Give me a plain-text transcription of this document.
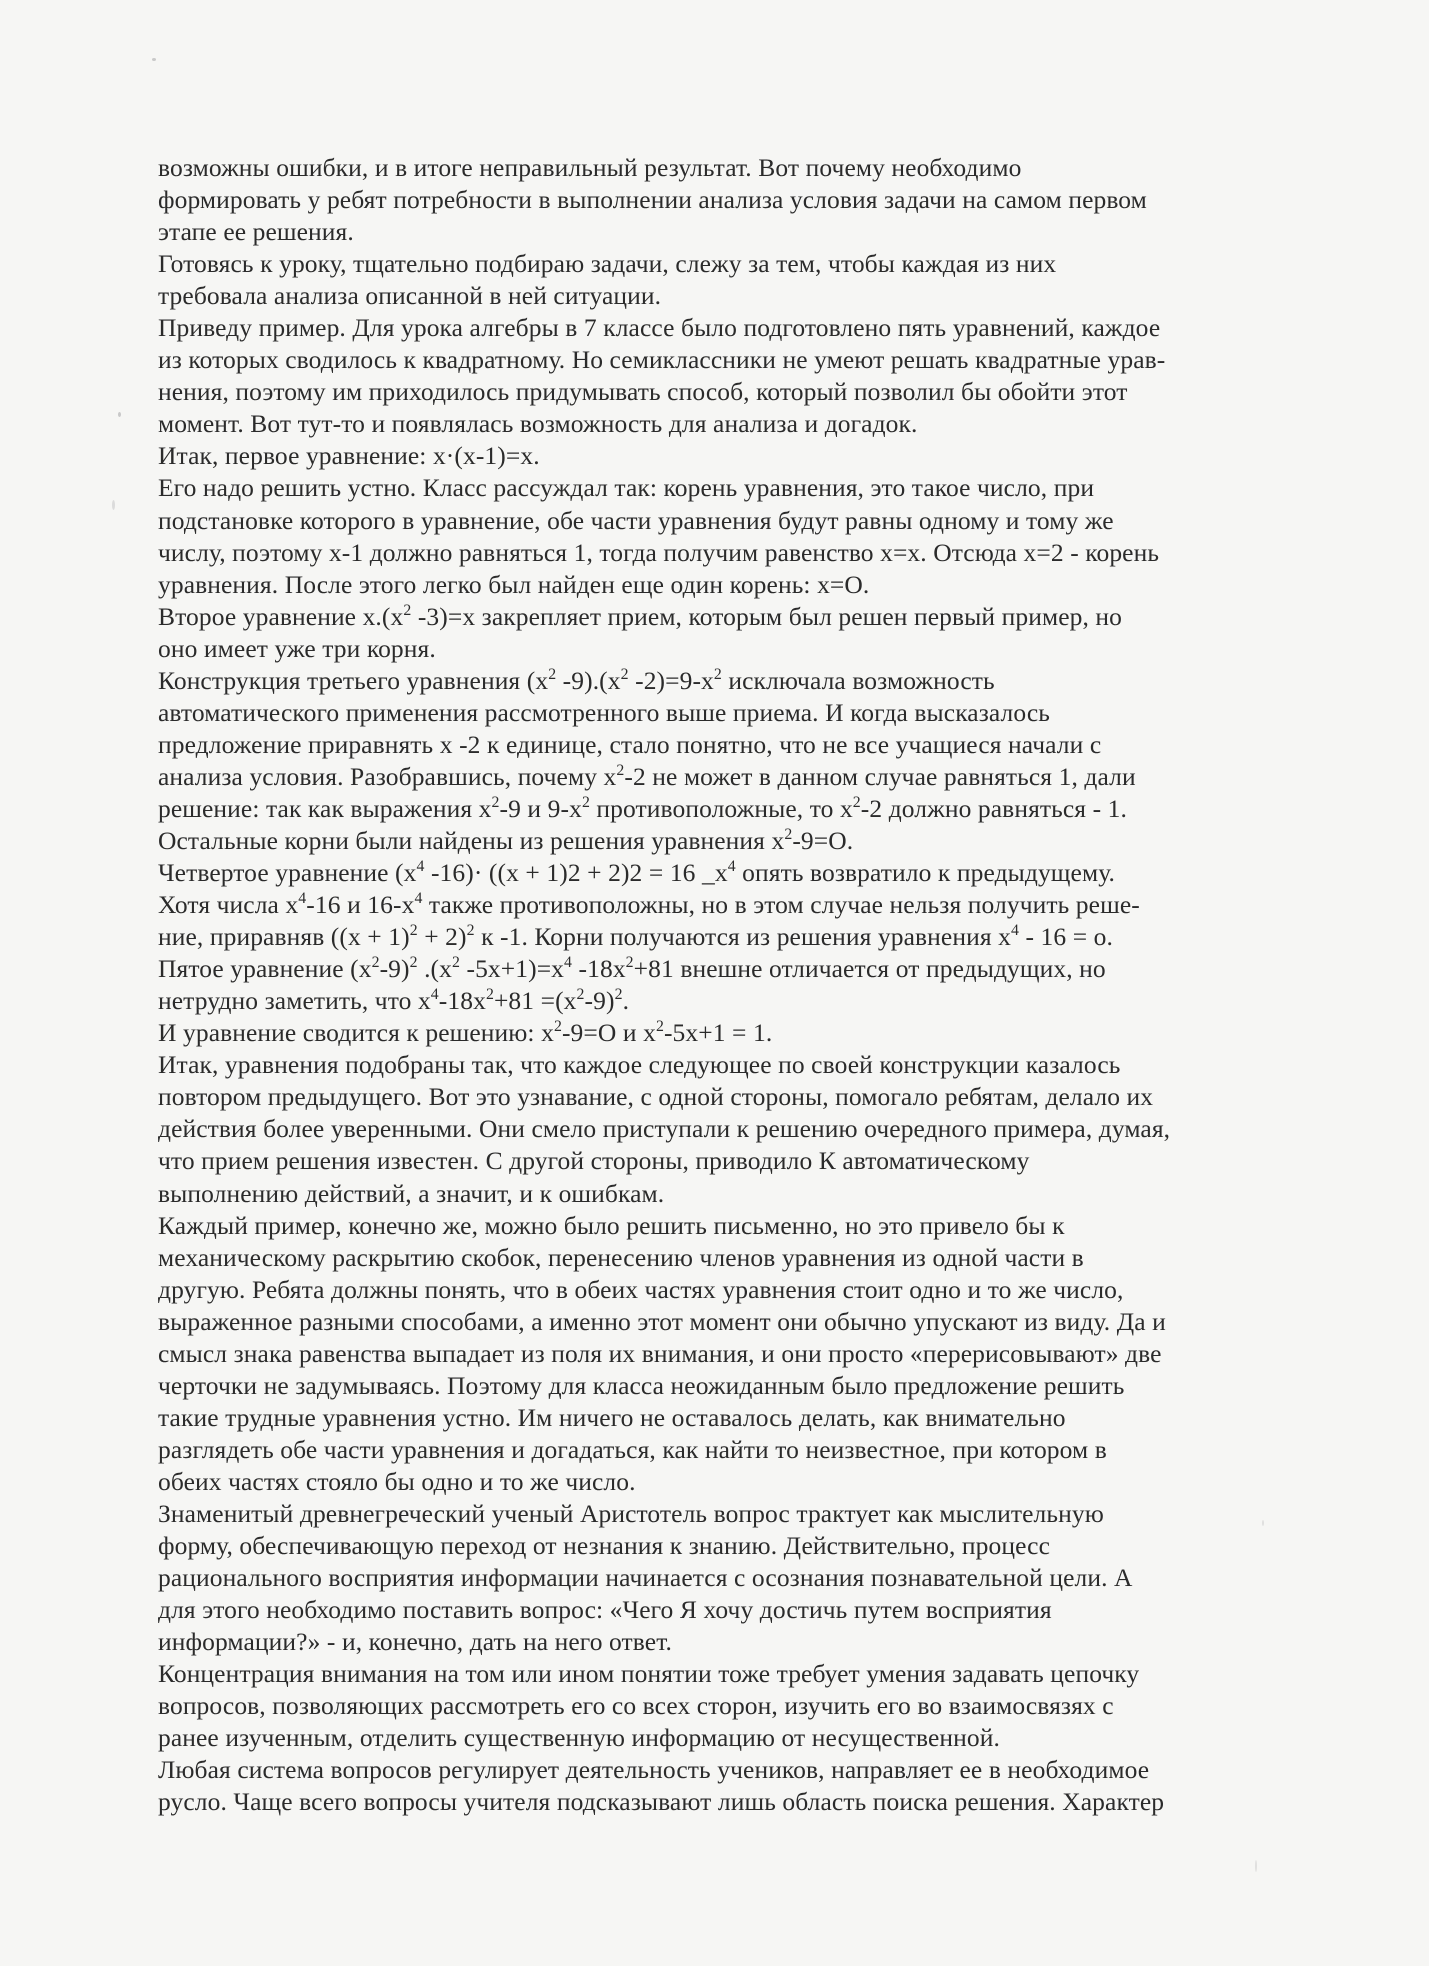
возможны ошибки, и в итоге неправильный результат. Вот почему необходимо
формировать у ребят потребности в выполнении анализа условия задачи на самом первом
этапе ее решения.
Готовясь к уроку, тщательно подбираю задачи, слежу за тем, чтобы каждая из них
требовала анализа описанной в ней ситуации.
Приведу пример. Для урока алгебры в 7 классе было подготовлено пять уравнений, каждое
из которых сводилось к квадратному. Но семиклассники не умеют решать квадратные урав-
нения, поэтому им приходилось придумывать способ, который позволил бы обойти этот
момент. Вот тут-то и появлялась возможность для анализа и догадок.
Итак, первое уравнение: x·(x-1)=x.
Его надо решить устно. Класс рассуждал так: корень уравнения, это такое число, при
подстановке которого в уравнение, обе части уравнения будут равны одному и тому же
числу, поэтому х-1 должно равняться 1, тогда получим равенство х=х. Отсюда х=2 - корень
уравнения. После этого легко был найден еще один корень: х=О.
Второе уравнение $х.(х^2$ -3)=х закрепляет прием, которым был решен первый пример, но
оно имеет уже три корня.
Конструкция третьего уравнения ($х^2$ $-9).(х^2$ $-2)=9-х^2$ исключала возможность
автоматического применения рассмотренного выше приема. И когда высказалось
предложение приравнять х -2 к единице, стало понятно, что не все учащиеся начали с
анализа условия. Разобравшись, почему $х^2-2$ не может в данном случае равняться 1, дали
решение: так как выражения $х^2-9$ и $9-х^2$ противоположные, то $х^2-2$ должно равняться - 1.
Остальные корни были найдены из решения уравнения $х^2-9=О$.
Четвертое уравнение ($х^4$ -16)· ((х + 1)2 + 2)2 = 16 $\_х^4$ опять возвратило к предыдущему.
Хотя числа $х^4-16$ и $16-х^4$ также противоположны, но в этом случае нельзя получить реше-
ние, приравняв $((х + 1)^2 + 2)^2$ к -1. Корни получаются из решения уравнения $х^4 - 16 = о$.
Пятое уравнение $(х^2-9)^2$ $.(х^2$ $-5х+1)=х^4$ $-18х^2+81$ внешне отличается от предыдущих, но
нетрудно заметить, что $х^4-18х^2+81 =(х^2-9)^2$.
И уравнение сводится к решению: $х^2-9=О$ и $х^2-5х+1 = 1$.
Итак, уравнения подобраны так, что каждое следующее по своей конструкции казалось
повтором предыдущего. Вот это узнавание, с одной стороны, помогало ребятам, делало их
действия более уверенными. Они смело приступали к решению очередного примера, думая,
что прием решения известен. С другой стороны, приводило К автоматическому
выполнению действий, а значит, и к ошибкам.
Каждый пример, конечно же, можно было решить письменно, но это привело бы к
механическому раскрытию скобок, перенесению членов уравнения из одной части в
другую. Ребята должны понять, что в обеих частях уравнения стоит одно и то же число,
выраженное разными способами, а именно этот момент они обычно упускают из виду. Да и
смысл знака равенства выпадает из поля их внимания, и они просто «перерисовывают» две
черточки не задумываясь. Поэтому для класса неожиданным было предложение решить
такие трудные уравнения устно. Им ничего не оставалось делать, как внимательно
разглядеть обе части уравнения и догадаться, как найти то неизвестное, при котором в
обеих частях стояло бы одно и то же число.
Знаменитый древнегреческий ученый Аристотель вопрос трактует как мыслительную
форму, обеспечивающую переход от незнания к знанию. Действительно, процесс
рационального восприятия информации начинается с осознания познавательной цели. А
для этого необходимо поставить вопрос: «Чего Я хочу достичь путем восприятия
информации?» - и, конечно, дать на него ответ.
Концентрация внимания на том или ином понятии тоже требует умения задавать цепочку
вопросов, позволяющих рассмотреть его со всех сторон, изучить его во взаимосвязях с
ранее изученным, отделить существенную информацию от несущественной.
Любая система вопросов регулирует деятельность учеников, направляет ее в необходимое
русло. Чаще всего вопросы учителя подсказывают лишь область поиска решения. Характер
